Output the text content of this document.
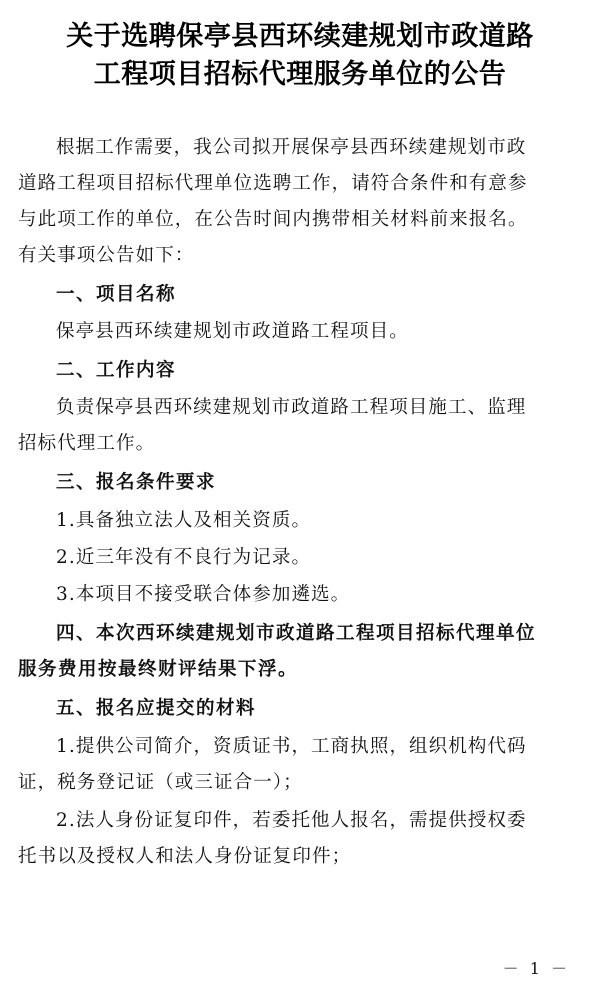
关于选聘保亭县西环续建规划市政道路
工程项目招标代理服务单位的公告

根据工作需要，我公司拟开展保亭县西环续建规划市政

道路工程项目招标代理单位选聘工作，请符合条件和有意参

与此项工作的单位，在公告时间内携带相关材料前来报名。

有关事项公告如下：

一、项目名称

保亭县西环续建规划市政道路工程项目。

二、工作内容

负责保亭县西环续建规划市政道路工程项目施工、监理

招标代理工作。

三、报名条件要求

1.具备独立法人及相关资质。

2.近三年没有不良行为记录。

3.本项目不接受联合体参加遴选。

四、本次西环续建规划市政道路工程项目招标代理单位

服务费用按最终财评结果下浮。

五、报名应提交的材料

1.提供公司简介，资质证书，工商执照，组织机构代码

证，税务登记证（或三证合一）；

2.法人身份证复印件，若委托他人报名，需提供授权委

托书以及授权人和法人身份证复印件；

－ 1 －
